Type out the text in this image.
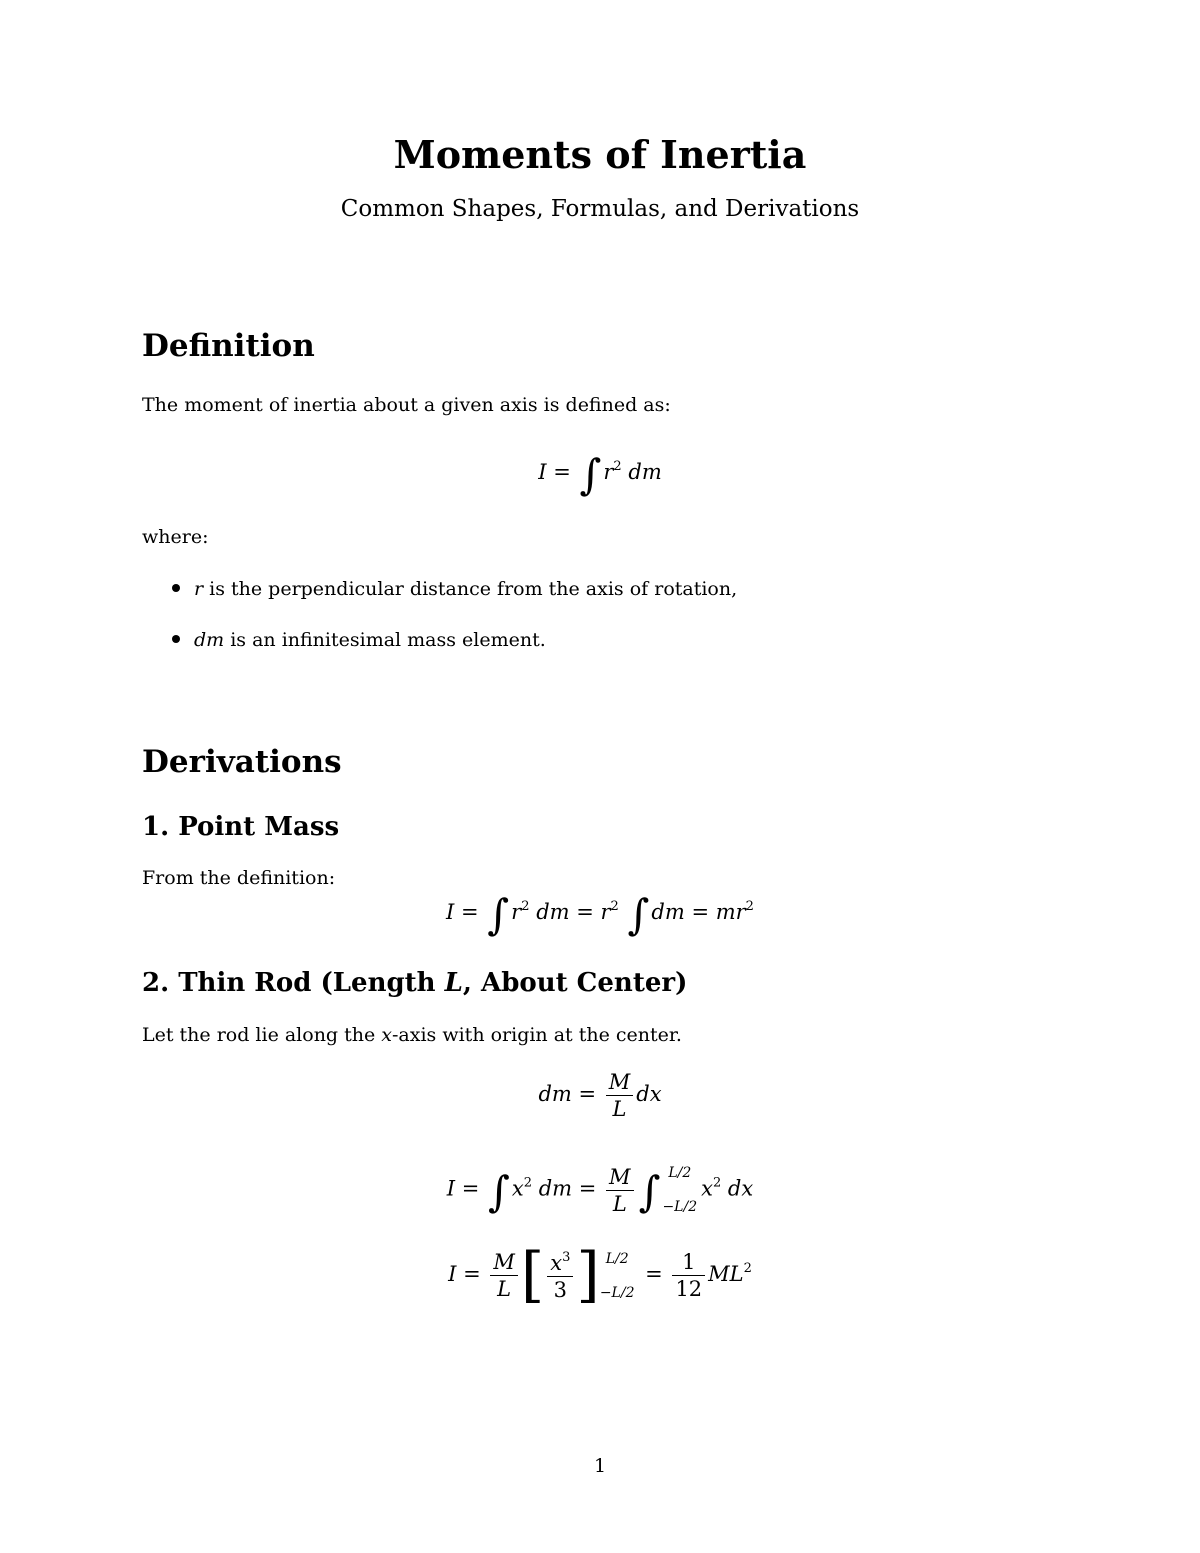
Moments of Inertia
Common Shapes, Formulas, and Derivations
Definition
The moment of inertia about a given axis is defined as:
$I = \int r^2$ dm
where:
r is the perpendicular distance from the axis of rotation,
dm is an infinitesimal mass element.
Derivations
1. Point Mass
From the definition:
$I = \int r^2$ dm = $r^2$ $\int dm = mr^2$
2. Thin Rod (Length L, About Center)
Let the rod lie along the x-axis with origin at the center.
dm = $\frac{M}{L}$ dx
$I = \int x^2$ dm = $\frac{M}{L}$ ∫ L/2
−L/2
$x^2$ dx
$I = \frac{M}{L}$ [ $\frac{x^3}{3}$ ] L/2
−L/2
= $\frac{1}{12} ML^2$
1
